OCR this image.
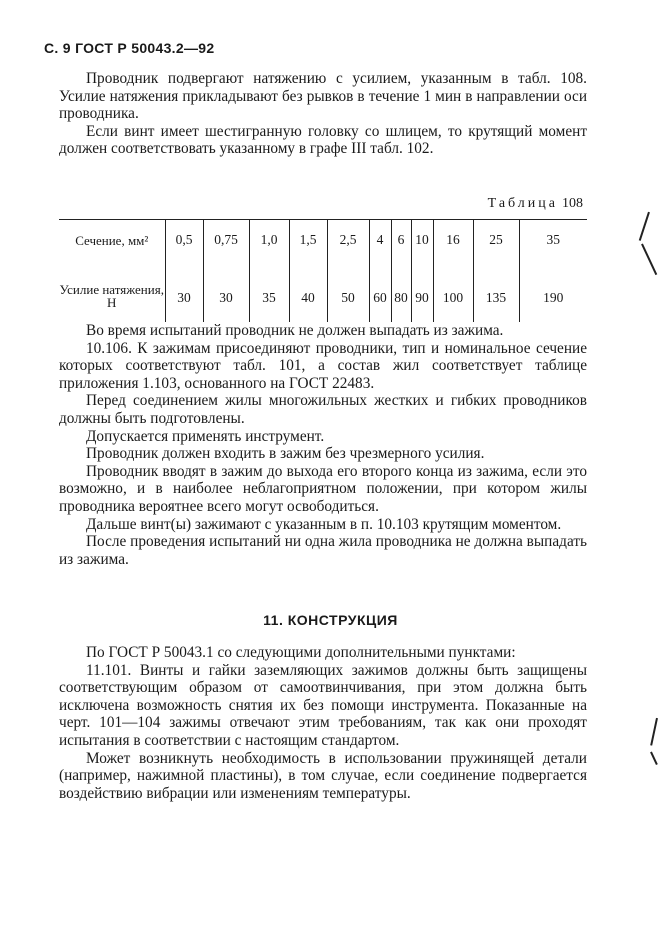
С. 9 ГОСТ Р 50043.2—92

Проводник подвергают натяжению с усилием, указанным в табл. 108. Усилие натяжения прикладывают без рывков в течение 1 мин в направлении оси проводника.

Если винт имеет шестигранную головку со шлицем, то крутящий момент должен соответствовать указанному в графе III табл. 102.

Таблица 108
Сечение, мм²	0,5	0,75	1,0	1,5	2,5	4	6	10	16	25	35
Усилие натяжения, Н	30	30	35	40	50	60	80	90	100	135	190

Во время испытаний проводник не должен выпадать из зажима.

10.106. К зажимам присоединяют проводники, тип и номинальное сечение которых соответствуют табл. 101, а состав жил соответствует таблице приложения 1.103, основанного на ГОСТ 22483.

Перед соединением жилы многожильных жестких и гибких проводников должны быть подготовлены.

Допускается применять инструмент.

Проводник должен входить в зажим без чрезмерного усилия.

Проводник вводят в зажим до выхода его второго конца из зажима, если это возможно, и в наиболее неблагоприятном положении, при котором жилы проводника вероятнее всего могут освободиться.

Дальше винт(ы) зажимают с указанным в п. 10.103 крутящим моментом.

После проведения испытаний ни одна жила проводника не должна выпадать из зажима.

11. КОНСТРУКЦИЯ

По ГОСТ Р 50043.1 со следующими дополнительными пунктами:

11.101. Винты и гайки заземляющих зажимов должны быть защищены соответствующим образом от самоотвинчивания, при этом должна быть исключена возможность снятия их без помощи инструмента. Показанные на черт. 101—104 зажимы отвечают этим требованиям, так как они проходят испытания в соответствии с настоящим стандартом.

Может возникнуть необходимость в использовании пружинящей детали (например, нажимной пластины), в том случае, если соединение подвергается воздействию вибрации или изменениям температуры.
